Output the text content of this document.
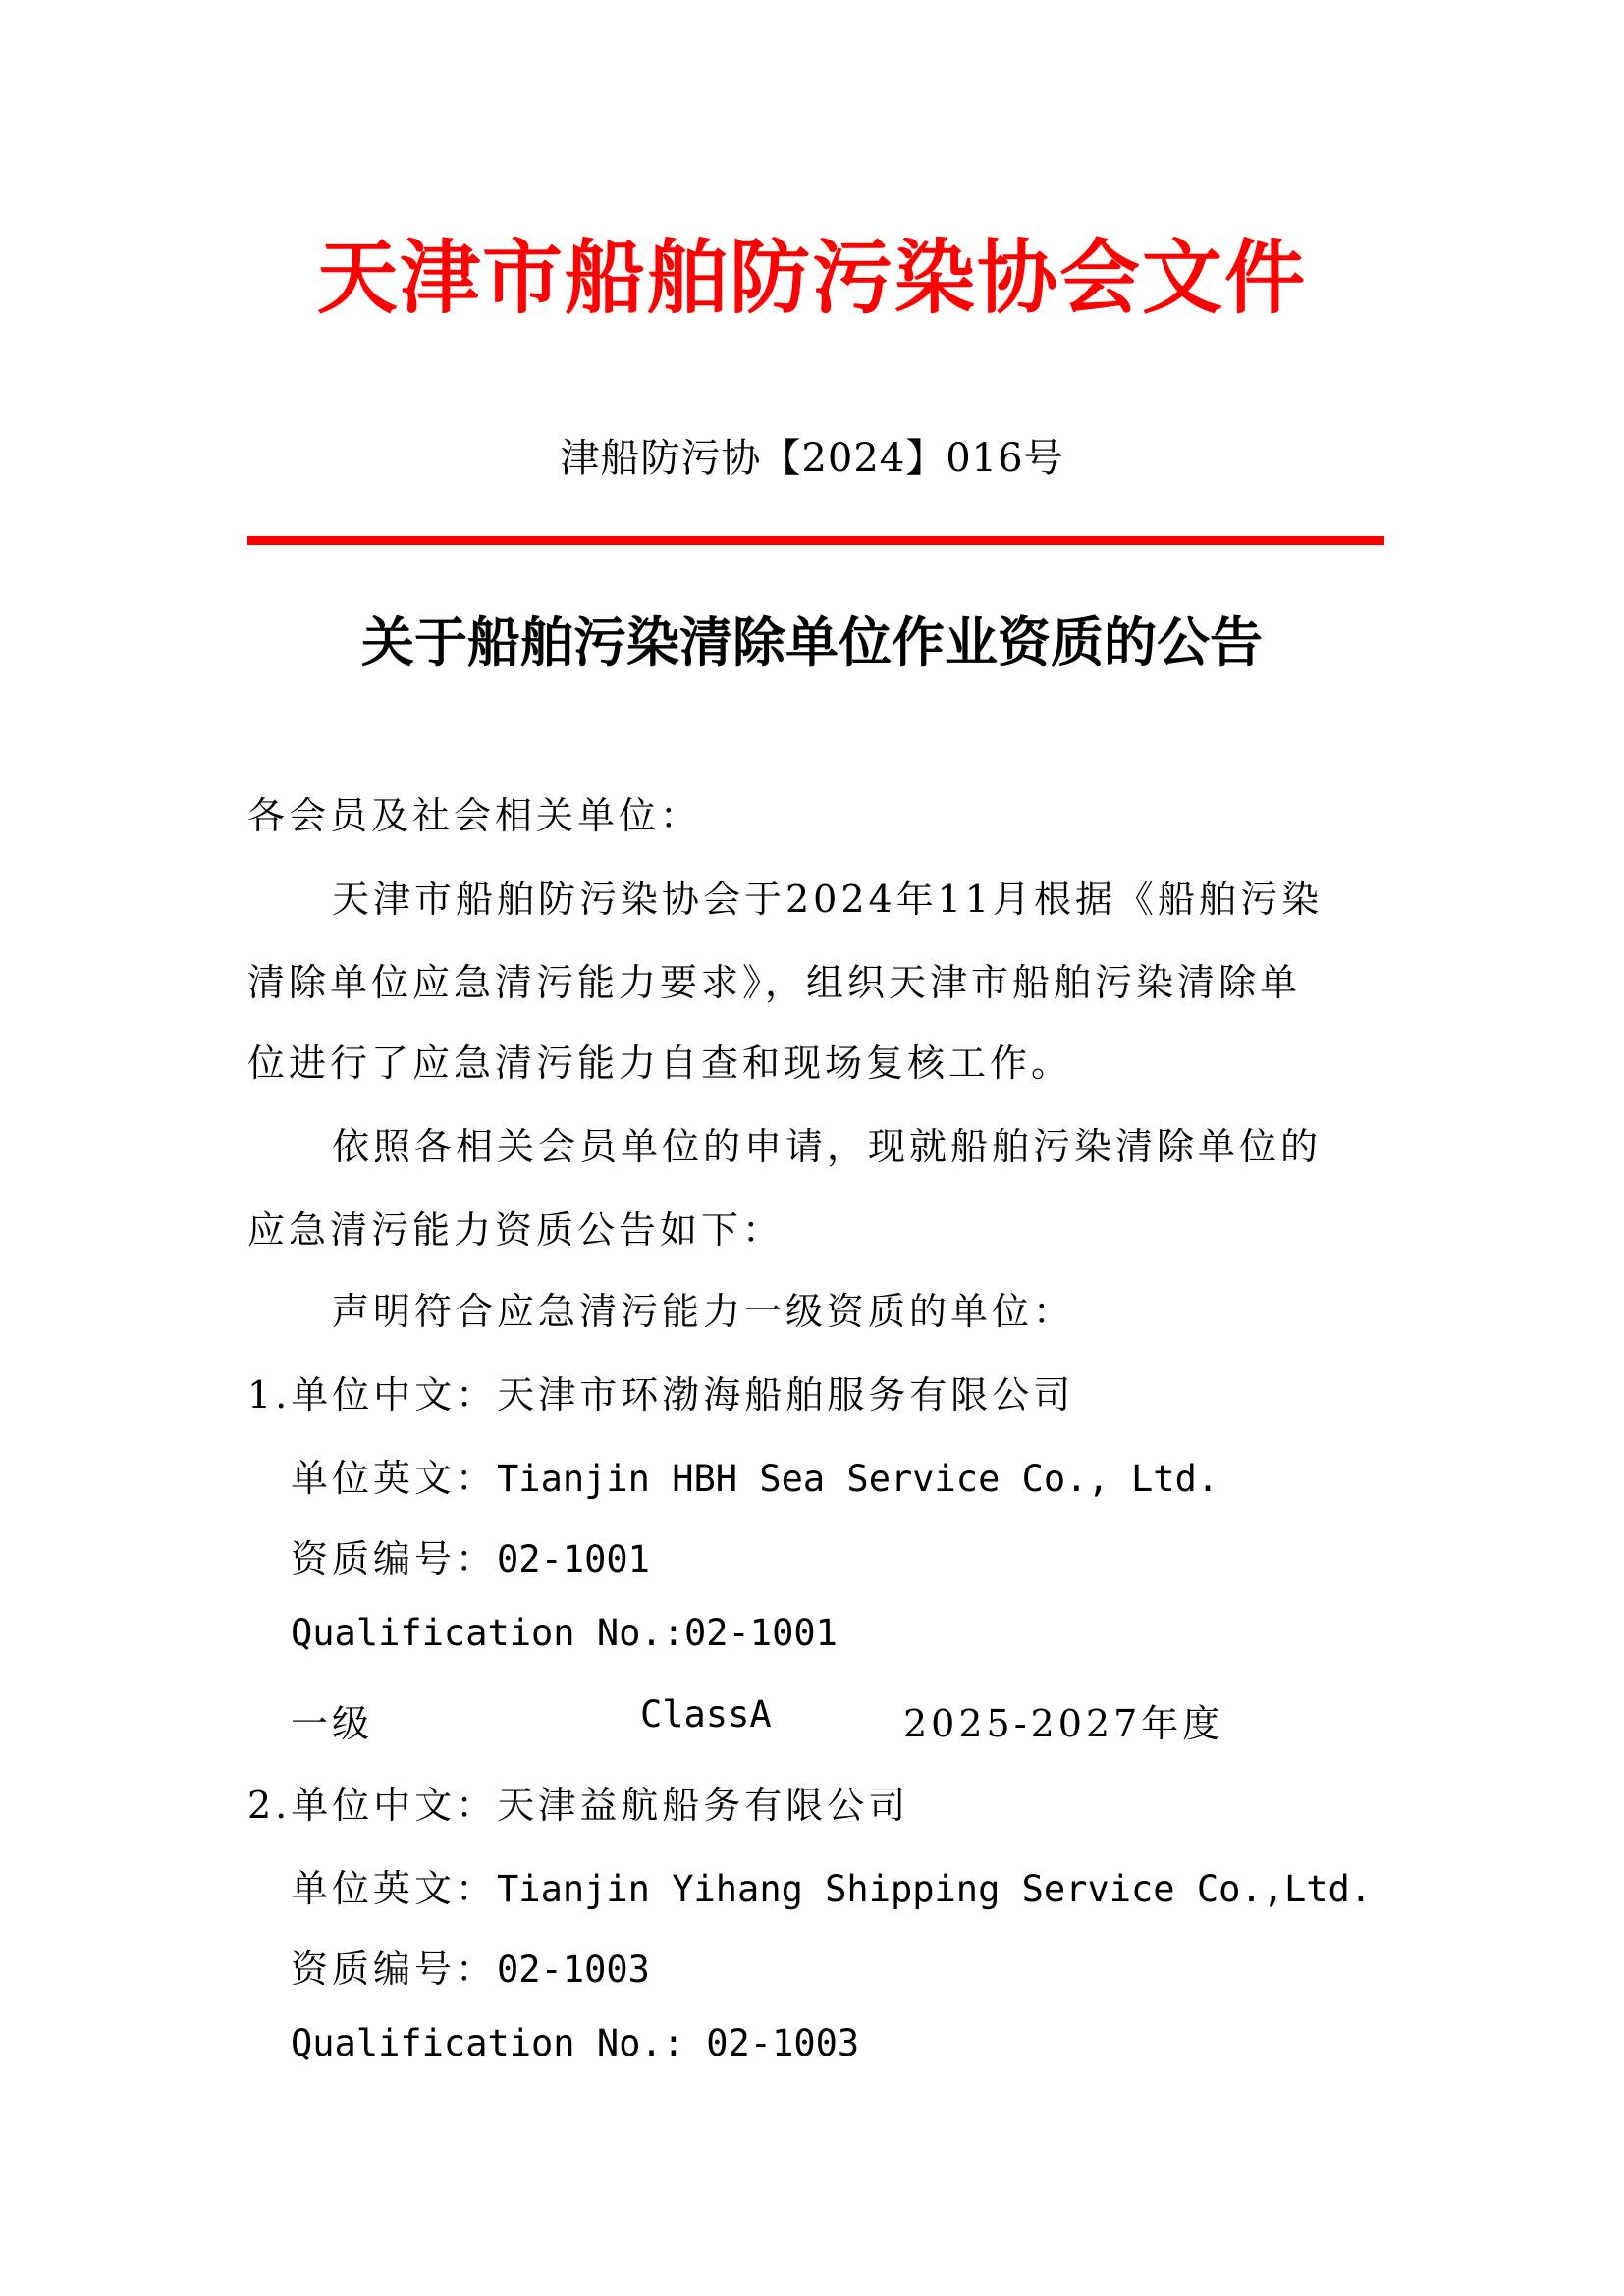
天津市船舶防污染协会文件
津船防污协【2024】016号
关于船舶污染清除单位作业资质的公告
各会员及社会相关单位：
天津市船舶防污染协会于2024年11月根据《船舶污染
清除单位应急清污能力要求》，组织天津市船舶污染清除单
位进行了应急清污能力自查和现场复核工作。
依照各相关会员单位的申请，现就船舶污染清除单位的
应急清污能力资质公告如下：
声明符合应急清污能力一级资质的单位：
1.单位中文：天津市环渤海船舶服务有限公司
单位英文：Tianjin HBH Sea Service Co., Ltd.
资质编号：02-1001
Qualification No.:02-1001
一级	ClassA	2025-2027年度
2.单位中文：天津益航船务有限公司
单位英文：Tianjin Yihang Shipping Service Co.,Ltd.
资质编号：02-1003
Qualification No.: 02-1003
